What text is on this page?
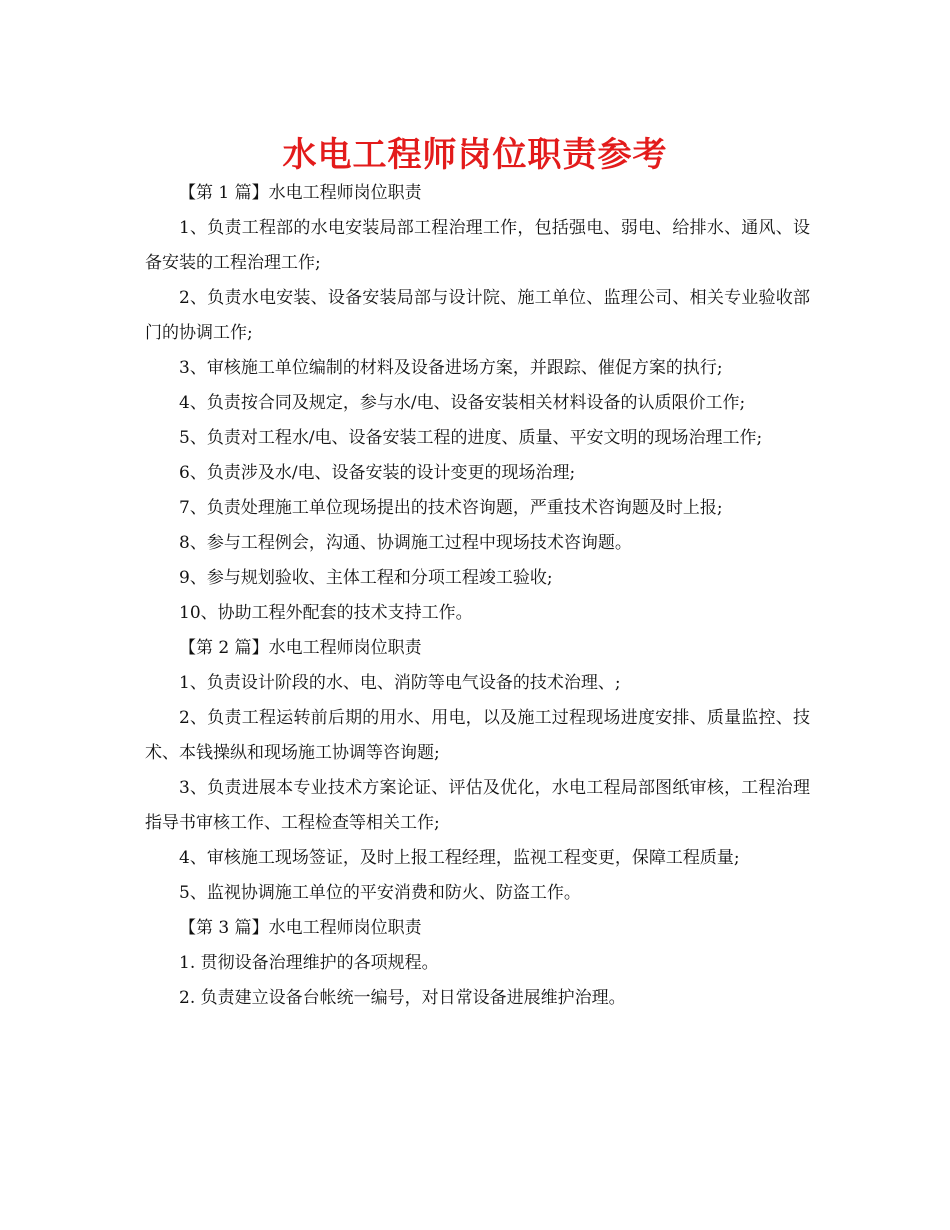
水电工程师岗位职责参考

【第 1 篇】水电工程师岗位职责

1、负责工程部的水电安装局部工程治理工作，包括强电、弱电、给排水、通风、设备安装的工程治理工作;

2、负责水电安装、设备安装局部与设计院、施工单位、监理公司、相关专业验收部门的协调工作;

3、审核施工单位编制的材料及设备进场方案，并跟踪、催促方案的执行;

4、负责按合同及规定，参与水/电、设备安装相关材料设备的认质限价工作;

5、负责对工程水/电、设备安装工程的进度、质量、平安文明的现场治理工作;

6、负责涉及水/电、设备安装的设计变更的现场治理;

7、负责处理施工单位现场提出的技术咨询题，严重技术咨询题及时上报;

8、参与工程例会，沟通、协调施工过程中现场技术咨询题。

9、参与规划验收、主体工程和分项工程竣工验收;

10、协助工程外配套的技术支持工作。

【第 2 篇】水电工程师岗位职责

1、负责设计阶段的水、电、消防等电气设备的技术治理、;

2、负责工程运转前后期的用水、用电，以及施工过程现场进度安排、质量监控、技术、本钱操纵和现场施工协调等咨询题;

3、负责进展本专业技术方案论证、评估及优化，水电工程局部图纸审核，工程治理指导书审核工作、工程检查等相关工作;

4、审核施工现场签证，及时上报工程经理，监视工程变更，保障工程质量;

5、监视协调施工单位的平安消费和防火、防盗工作。

【第 3 篇】水电工程师岗位职责

1. 贯彻设备治理维护的各项规程。

2. 负责建立设备台帐统一编号，对日常设备进展维护治理。
